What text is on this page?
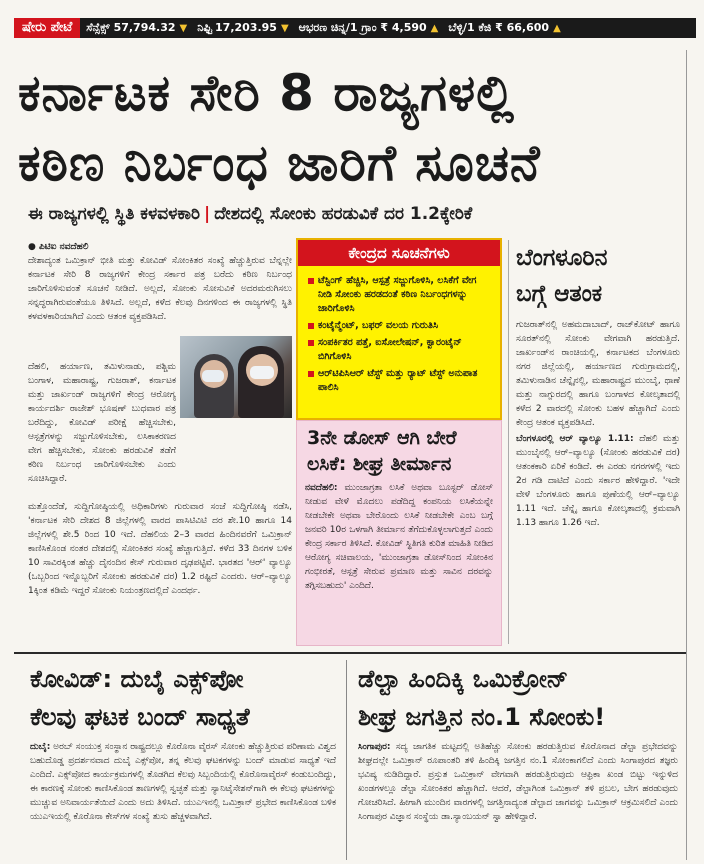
ಷೇರು ಪೇಟೆ	ಸೆನ್ಸೆಕ್ಸ್ 57,794.32 ▼ ನಿಫ್ಟಿ 17,203.95 ▼ ಆಭರಣ ಚಿನ್ನ/1 ಗ್ರಾಂ ₹ 4,590 ▲ ಬೆಳ್ಳಿ/1 ಕೆಜಿ ₹ 66,600 ▲
ಕರ್ನಾಟಕ ಸೇರಿ 8 ರಾಜ್ಯಗಳಲ್ಲಿ
ಕಠಿಣ ನಿರ್ಬಂಧ ಜಾರಿಗೆ ಸೂಚನೆ
ಈ ರಾಜ್ಯಗಳಲ್ಲಿ ಸ್ಥಿತಿ ಕಳವಳಕಾರಿ | ದೇಶದಲ್ಲಿ ಸೋಂಕು ಹರಡುವಿಕೆ ದರ 1.2ಕ್ಕೇರಿಕೆ
● ಪಿಟಿಐ ನವದೆಹಲಿ
ದೇಶಾದ್ಯಂತ ಒಮಿಕ್ರಾನ್ ಭೀತಿ ಮತ್ತು ಕೋವಿಡ್ ಸೋಂಕಿತರ ಸಂಖ್ಯೆ ಹೆಚ್ಚುತ್ತಿರುವ ಬೆನ್ನಲ್ಲೇ ಕರ್ನಾಟಕ ಸೇರಿ 8 ರಾಜ್ಯಗಳಿಗೆ ಕೇಂದ್ರ ಸರ್ಕಾರ ಪತ್ರ ಬರೆದು ಕಠಿಣ ನಿರ್ಬಂಧ ಜಾರಿಗೊಳಿಸುವಂತೆ ಸೂಚನೆ ನೀಡಿದೆ. ಅಲ್ಲದೆ, ಸೋಂಕು ಸೋಸುವಿಕೆ ಅದರಮರುಗಿಸಲು ಸನ್ನದ್ಧರಾಗಿರುವಂತೆಯೂ ತಿಳಿಸಿದೆ. ಅಲ್ಲದೆ, ಕಳೆದ ಕೆಲವು ದಿನಗಳಿಂದ ಈ ರಾಜ್ಯಗಳಲ್ಲಿ ಸ್ಥಿತಿ ಕಳವಳಕಾರಿಯಾಗಿದೆ ಎಂದು ಆತಂಕ ವ್ಯಕ್ತಪಡಿಸಿದೆ.
ದೆಹಲಿ, ಹರ್ಯಾಣ, ತಮಿಳುನಾಡು, ಪಶ್ಚಿಮ ಬಂಗಾಳ, ಮಹಾರಾಷ್ಟ್ರ, ಗುಜರಾತ್, ಕರ್ನಾಟಕ ಮತ್ತು ಜಾರ್ಖಂಡ್ ರಾಜ್ಯಗಳಿಗೆ ಕೇಂದ್ರ ಆರೋಗ್ಯ ಕಾರ್ಯದರ್ಶಿ ರಾಜೇಶ್ ಭೂಷಣ್ ಬುಧವಾರ ಪತ್ರ ಬರೆದಿದ್ದು, ಕೋವಿಡ್ ಪರೀಕ್ಷೆ ಹೆಚ್ಚಿಸಬೇಕು, ಆಸ್ಪತ್ರೆಗಳನ್ನು ಸಜ್ಜುಗೊಳಿಸಬೇಕು, ಲಸಿಕಾಕರಣದ ವೇಗ ಹೆಚ್ಚಿಸಬೇಕು, ಸೋಂಕು ಹರಡುವಿಕೆ ತಡೆಗೆ ಕಠಿಣ ನಿರ್ಬಂಧ ಜಾರಿಗೊಳಿಸಬೇಕು ಎಂದು ಸೂಚಿಸಿದ್ದಾರೆ.
ಮತ್ತೊಂದೆಡೆ, ಸುದ್ದಿಗೋಷ್ಠಿಯಲ್ಲಿ ಅಧಿಕಾರಿಗಳು ಗುರುವಾರ ಸಂಜೆ ಸುದ್ದಿಗೋಷ್ಠಿ ನಡೆಸಿ, 'ಕರ್ನಾಟಕ ಸೇರಿ ದೇಶದ 8 ಜಿಲ್ಲೆಗಳಲ್ಲಿ ವಾರದ ಪಾಸಿಟಿವಿಟಿ ದರ ಶೇ.10 ಹಾಗೂ 14 ಜಿಲ್ಲೆಗಳಲ್ಲಿ ಶೇ.5 ರಿಂದ 10 ಇದೆ. ದೆಹಲಿಯ 2–3 ವಾರದ ಹಿಂದಿನವರೆಗೆ ಒಮಿಕ್ರಾನ್ ಕಾಣಿಸಿಕೊಂಡ ನಂತರ ದೇಶದಲ್ಲಿ ಸೋಂಕಿತರ ಸಂಖ್ಯೆ ಹೆಚ್ಚಾಗುತ್ತಿದೆ. ಕಳೆದ 33 ದಿನಗಳ ಬಳಿಕ 10 ಸಾವಿರಕ್ಕಿಂತ ಹೆಚ್ಚು ದೈನಂದಿನ ಕೇಸ್ ಗುರುವಾರ ದೃಢಪಟ್ಟಿವೆ. ಭಾರತದ 'ಆರ್' ವ್ಯಾಲ್ಯೂ (ಒಬ್ಬರಿಂದ ಇನ್ನೊಬ್ಬರಿಗೆ ಸೋಂಕು ಹರಡುವಿಕೆ ದರ) 1.2 ರಷ್ಟಿದೆ ಎಂದರು. ಆರ್–ವ್ಯಾಲ್ಯೂ 1ಕ್ಕಿಂತ ಕಡಿಮೆ ಇದ್ದರೆ ಸೋಂಕು ನಿಯಂತ್ರಣದಲ್ಲಿದೆ ಎಂದರ್ಥ.
ಕೇಂದ್ರದ ಸೂಚನೆಗಳು
ಟೆಸ್ಟಿಂಗ್ ಹೆಚ್ಚಿಸಿ, ಆಸ್ಪತ್ರೆ ಸಜ್ಜುಗೊಳಿಸಿ, ಲಸಿಕೆಗೆ ವೇಗ ನೀಡಿ ಸೋಂಕು ಹರಡದಂತೆ ಕಠಿಣ ನಿರ್ಬಂಧಗಳನ್ನು ಜಾರಿಗೊಳಿಸಿ
ಕಂಟೈನ್ಮೆಂಟ್, ಬಫರ್ ವಲಯ ಗುರುತಿಸಿ
ಸಂಪರ್ಕಿತರ ಪತ್ತೆ, ಐಸೋಲೇಷನ್, ಕ್ವಾರಂಟೈನ್ ಬಿಗಿಗೊಳಿಸಿ
ಆರ್‌ಟಿಪಿಸಿಆರ್ ಟೆಸ್ಟ್ ಮತ್ತು ರ‍್ಯಾಟ್ ಟೆಸ್ಟ್ ಅನುಪಾತ ಪಾಲಿಸಿ
3ನೇ ಡೋಸ್ ಆಗಿ ಬೇರೆ
ಲಸಿಕೆ: ಶೀಘ್ರ ತೀರ್ಮಾನ
ನವದೆಹಲಿ: ಮುಂಜಾಗ್ರತಾ ಲಸಿಕೆ ಅಥವಾ ಬೂಸ್ಟರ್ ಡೋಸ್ ನೀಡುವ ವೇಳೆ ಮೊದಲು ಪಡೆದಿದ್ದ ಕಂಪನಿಯ ಲಸಿಕೆಯನ್ನೇ ನೀಡಬೇಕೇ ಅಥವಾ ಬೇರೊಂದು ಲಸಿಕೆ ನೀಡಬೇಕೇ ಎಂಬ ಬಗ್ಗೆ ಜನವರಿ 10ರ ಒಳಗಾಗಿ ತೀರ್ಮಾನ ತೆಗೆದುಕೊಳ್ಳಲಾಗುತ್ತದೆ ಎಂದು ಕೇಂದ್ರ ಸರ್ಕಾರ ತಿಳಿಸಿದೆ. ಕೋವಿಡ್ ಸ್ಥಿತಿಗತಿ ಕುರಿತ ಮಾಹಿತಿ ನೀಡಿದ ಆರೋಗ್ಯ ಸಚಿವಾಲಯ, 'ಮುಂಜಾಗ್ರತಾ ಡೋಸ್‌ನಿಂದ ಸೋಂಕಿನ ಗಂಭೀರತೆ, ಆಸ್ಪತ್ರೆ ಸೇರುವ ಪ್ರಮಾಣ ಮತ್ತು ಸಾವಿನ ದರವನ್ನು ತಗ್ಗಿಸಬಹುದು' ಎಂದಿದೆ.
ಬೆಂಗಳೂರಿನ
ಬಗ್ಗೆ ಆತಂಕ
ಗುಜರಾತ್‌ನಲ್ಲಿ ಅಹಮದಾಬಾದ್, ರಾಜ್‌ಕೋಟ್ ಹಾಗೂ ಸೂರತ್‌ನಲ್ಲಿ ಸೋಂಕು ವೇಗವಾಗಿ ಹರಡುತ್ತಿದೆ. ಜಾರ್ಖಂಡ್‌ನ ರಾಂಚಿಯಲ್ಲಿ, ಕರ್ನಾಟಕದ ಬೆಂಗಳೂರು ನಗರ ಜಿಲ್ಲೆಯಲ್ಲಿ, ಹರ್ಯಾಣದ ಗುರುಗ್ರಾಮದಲ್ಲಿ, ತಮಿಳುನಾಡಿನ ಚೆನ್ನೈನಲ್ಲಿ, ಮಹಾರಾಷ್ಟ್ರದ ಮುಂಬೈ, ಥಾಣೆ ಮತ್ತು ನಾಗ್ಪುರದಲ್ಲಿ ಹಾಗೂ ಬಂಗಾಳದ ಕೋಲ್ಕತಾದಲ್ಲಿ ಕಳೆದ 2 ವಾರದಲ್ಲಿ ಸೋಂಕು ಬಹಳ ಹೆಚ್ಚಾಗಿದೆ ಎಂದು ಕೇಂದ್ರ ಆತಂಕ ವ್ಯಕ್ತಪಡಿಸಿದೆ.
ಬೆಂಗಳೂರಲ್ಲಿ ಆರ್‌ ವ್ಯಾಲ್ಯೂ 1.11: ದೆಹಲಿ ಮತ್ತು ಮುಂಬೈನಲ್ಲಿ ಆರ್–ವ್ಯಾಲ್ಯೂ (ಸೋಂಕು ಹರಡುವಿಕೆ ದರ) ಆತಂಕಕಾರಿ ಏರಿಕೆ ಕಂಡಿದೆ. ಈ ಎರಡು ನಗರಗಳಲ್ಲಿ ಇದು 2ರ ಗಡಿ ದಾಟಿದೆ ಎಂದು ಸರ್ಕಾರ ಹೇಳಿದ್ದಾರೆ. 'ಇದೇ ವೇಳೆ ಬೆಂಗಳೂರು ಹಾಗೂ ಪುಣೆಯಲ್ಲಿ ಆರ್–ವ್ಯಾಲ್ಯೂ 1.11 ಇದೆ. ಚೆನ್ನೈ ಹಾಗೂ ಕೋಲ್ಕತಾದಲ್ಲಿ ಕ್ರಮವಾಗಿ 1.13 ಹಾಗೂ 1.26 ಇದೆ.
ಕೋವಿಡ್: ದುಬೈ ಎಕ್ಸ್‌ಪೋ
ಕೆಲವು ಘಟಕ ಬಂದ್ ಸಾಧ್ಯತೆ
ದುಬೈ: ಅರಬ್ ಸಂಯುಕ್ತ ಸಂಸ್ಥಾನ ರಾಷ್ಟ್ರದಲ್ಲೂ ಕೊರೊನಾ ವೈರಸ್ ಸೋಂಕು ಹೆಚ್ಚುತ್ತಿರುವ ಪರಿಣಾಮ ವಿಶ್ವದ ಬಹುದೊಡ್ಡ ಪ್ರದರ್ಶನವಾದ ದುಬೈ ಎಕ್ಸ್‌ಪೋ, ತನ್ನ ಕೆಲವು ಘಟಕಗಳನ್ನು ಬಂದ್ ಮಾಡುವ ಸಾಧ್ಯತೆ ಇದೆ ಎಂದಿದೆ. ಎಕ್ಸ್‌ಪೋದ ಕಾರ್ಯಕ್ರಮಗಳಲ್ಲಿ ತೊಡಗಿದ ಕೆಲವು ಸಿಬ್ಬಂದಿಯಲ್ಲಿ ಕೊರೊನಾವೈರಸ್ ಕಂಡುಬಂದಿದ್ದು, ಈ ಕಾರಣಕ್ಕೆ ಸೋಂಕು ಕಾಣಿಸಿಕೊಂಡ ತಾಣಗಳಲ್ಲಿ ಸ್ವಚ್ಛತೆ ಮತ್ತು ಸ್ಯಾನಿಟೈಸೇಶನ್‌ಗಾಗಿ ಈ ಕೆಲವು ಘಟಕಗಳನ್ನು ಮುಚ್ಚುವ ಅನಿವಾರ್ಯತೆಯಿದೆ ಎಂದು ಅದು ತಿಳಿಸಿದೆ. ಯುಎಇನಲ್ಲಿ ಒಮಿಕ್ರಾನ್ ಪ್ರಭೇದ ಕಾಣಿಸಿಕೊಂಡ ಬಳಿಕ ಯುಎಇಯಲ್ಲಿ ಕೊರೊನಾ ಕೇಸ್‌ಗಳ ಸಂಖ್ಯೆ ತುಸು ಹೆಚ್ಚಳವಾಗಿದೆ.
ಡೆಲ್ಟಾ ಹಿಂದಿಕ್ಕಿ ಒಮಿಕ್ರೋನ್
ಶೀಘ್ರ ಜಗತ್ತಿನ ನಂ.1 ಸೋಂಕು!
ಸಿಂಗಾಪುರ: ಸದ್ಯ ಜಾಗತಿಕ ಮಟ್ಟದಲ್ಲಿ ಅತಿಹೆಚ್ಚು ಸೋಂಕು ಹರಡುತ್ತಿರುವ ಕೊರೊನಾದ ಡೆಲ್ಟಾ ಪ್ರಭೇದವನ್ನು ಶೀಘ್ರದಲ್ಲೇ ಒಮಿಕ್ರಾನ್ ರೂಪಾಂತರಿ ತಳಿ ಹಿಂದಿಕ್ಕಿ ಜಗತ್ತಿನ ನಂ.1 ಸೋಂಕಾಗಲಿದೆ ಎಂದು ಸಿಂಗಾಪುರದ ತಜ್ಞರು ಭವಿಷ್ಯ ನುಡಿದಿದ್ದಾರೆ. ಪ್ರಸ್ತುತ ಒಮಿಕ್ರಾನ್ ವೇಗವಾಗಿ ಹರಡುತ್ತಿರುವುದು ಆಫ್ರಿಕಾ ಖಂಡ ಬಿಟ್ಟು ಇನ್ನುಳಿದ ಖಂಡಗಳಲ್ಲೂ ಡೆಲ್ಟಾ ಸೋಂಕಿತರ ಹೆಚ್ಚಾಗಿದೆ. ಆದರೆ, ಡೆಲ್ಟಾಗಿಂತ ಒಮಿಕ್ರಾನ್ ತಳಿ ಪ್ರಬಲ, ಬೇಗ ಹರಡುವುದು ಗೋಚರಿಸಿದೆ. ಹೀಗಾಗಿ ಮುಂದಿನ ವಾರಗಳಲ್ಲಿ ಜಗತ್ತಿನಾದ್ಯಂತ ಡೆಲ್ಟಾದ ಜಾಗವನ್ನು ಒಮಿಕ್ರಾನ್ ಆಕ್ರಮಿಸಲಿದೆ ಎಂದು ಸಿಂಗಾಪುರ ವಿಜ್ಞಾನ ಸಂಸ್ಥೆಯ ಡಾ.ಸ್ಯಾಂಬಯನ್ ಸ್ವಾ ಹೇಳಿದ್ದಾರೆ.
